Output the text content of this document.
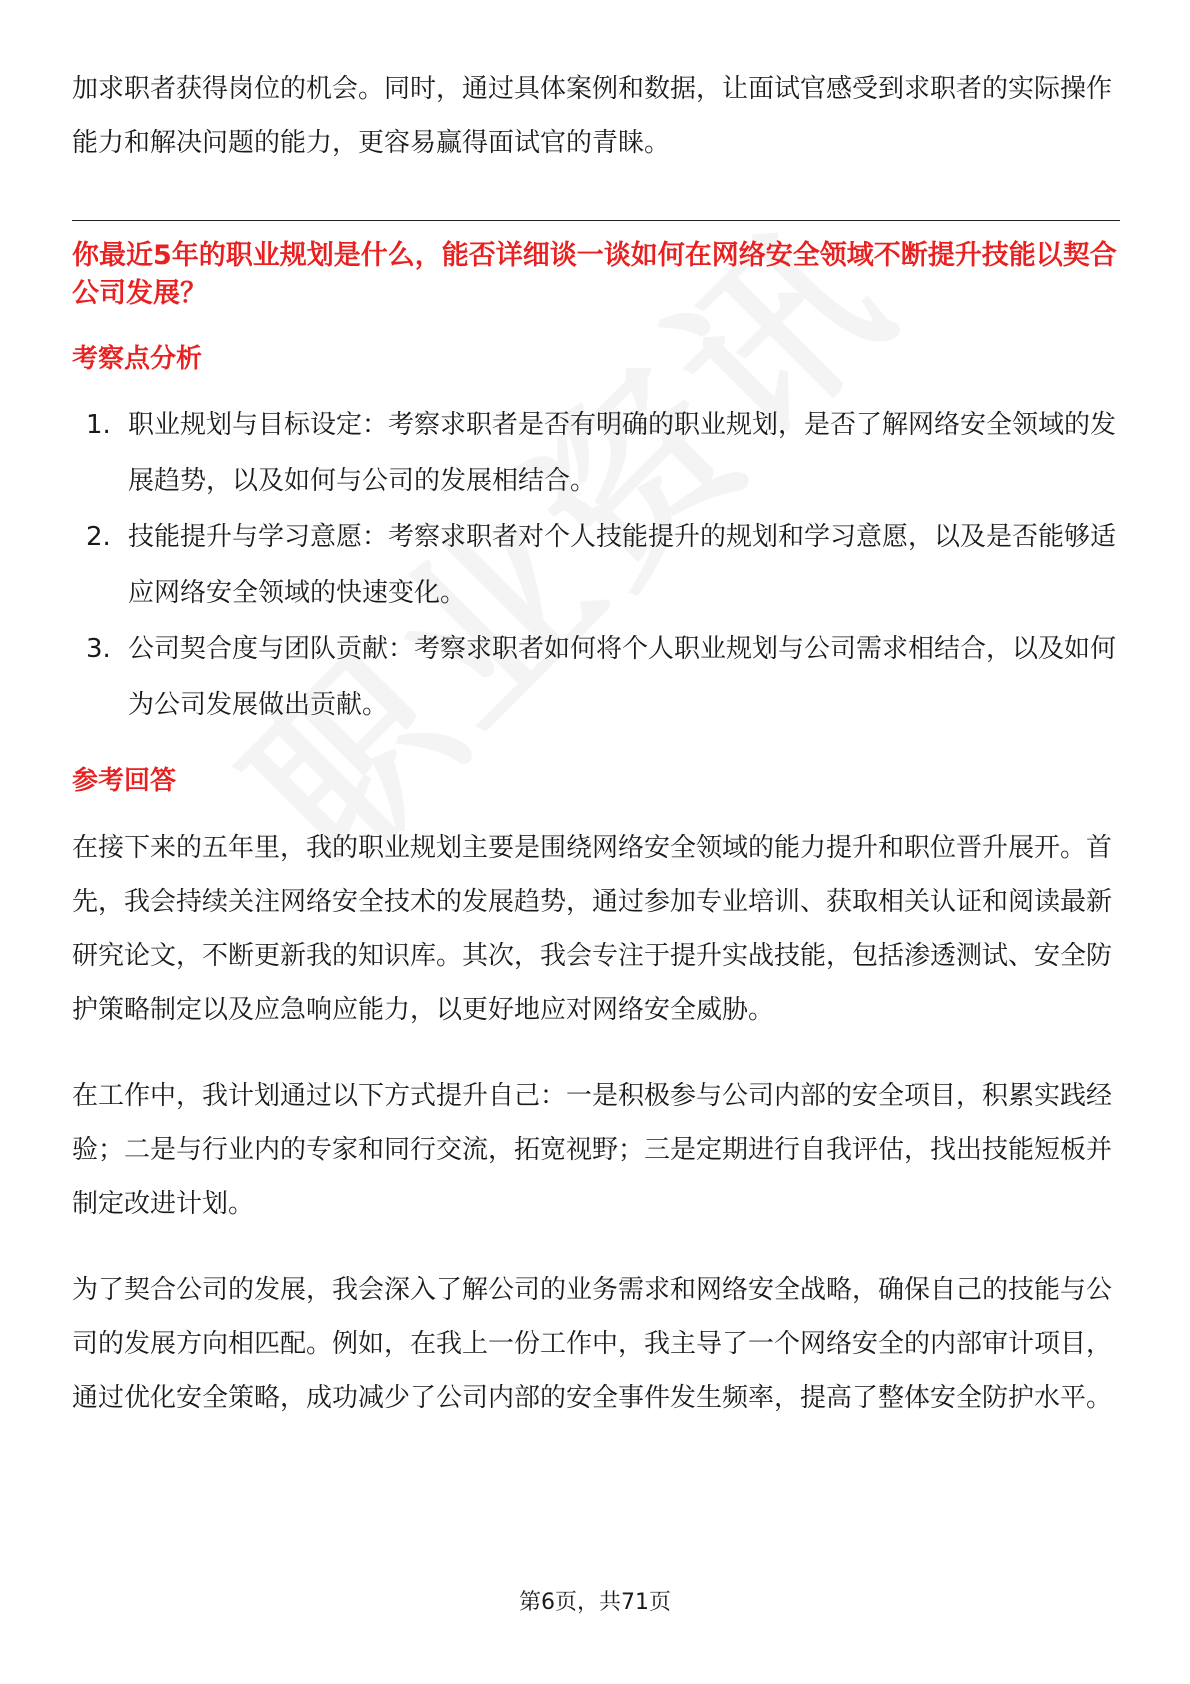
加求职者获得岗位的机会。同时，通过具体案例和数据，让面试官感受到求职者的实际操作能力和解决问题的能力，更容易赢得面试官的青睐。

你最近5年的职业规划是什么，能否详细谈一谈如何在网络安全领域不断提升技能以契合公司发展？

考察点分析
1. 职业规划与目标设定：考察求职者是否有明确的职业规划，是否了解网络安全领域的发展趋势，以及如何与公司的发展相结合。
2. 技能提升与学习意愿：考察求职者对个人技能提升的规划和学习意愿，以及是否能够适应网络安全领域的快速变化。
3. 公司契合度与团队贡献：考察求职者如何将个人职业规划与公司需求相结合，以及如何为公司发展做出贡献。
参考回答

在接下来的五年里，我的职业规划主要是围绕网络安全领域的能力提升和职位晋升展开。首先，我会持续关注网络安全技术的发展趋势，通过参加专业培训、获取相关认证和阅读最新研究论文，不断更新我的知识库。其次，我会专注于提升实战技能，包括渗透测试、安全防护策略制定以及应急响应能力，以更好地应对网络安全威胁。

在工作中，我计划通过以下方式提升自己：一是积极参与公司内部的安全项目，积累实践经验；二是与行业内的专家和同行交流，拓宽视野；三是定期进行自我评估，找出技能短板并制定改进计划。

为了契合公司的发展，我会深入了解公司的业务需求和网络安全战略，确保自己的技能与公司的发展方向相匹配。例如，在我上一份工作中，我主导了一个网络安全的内部审计项目，通过优化安全策略，成功减少了公司内部的安全事件发生频率，提高了整体安全防护水平。

第6页，共71页
